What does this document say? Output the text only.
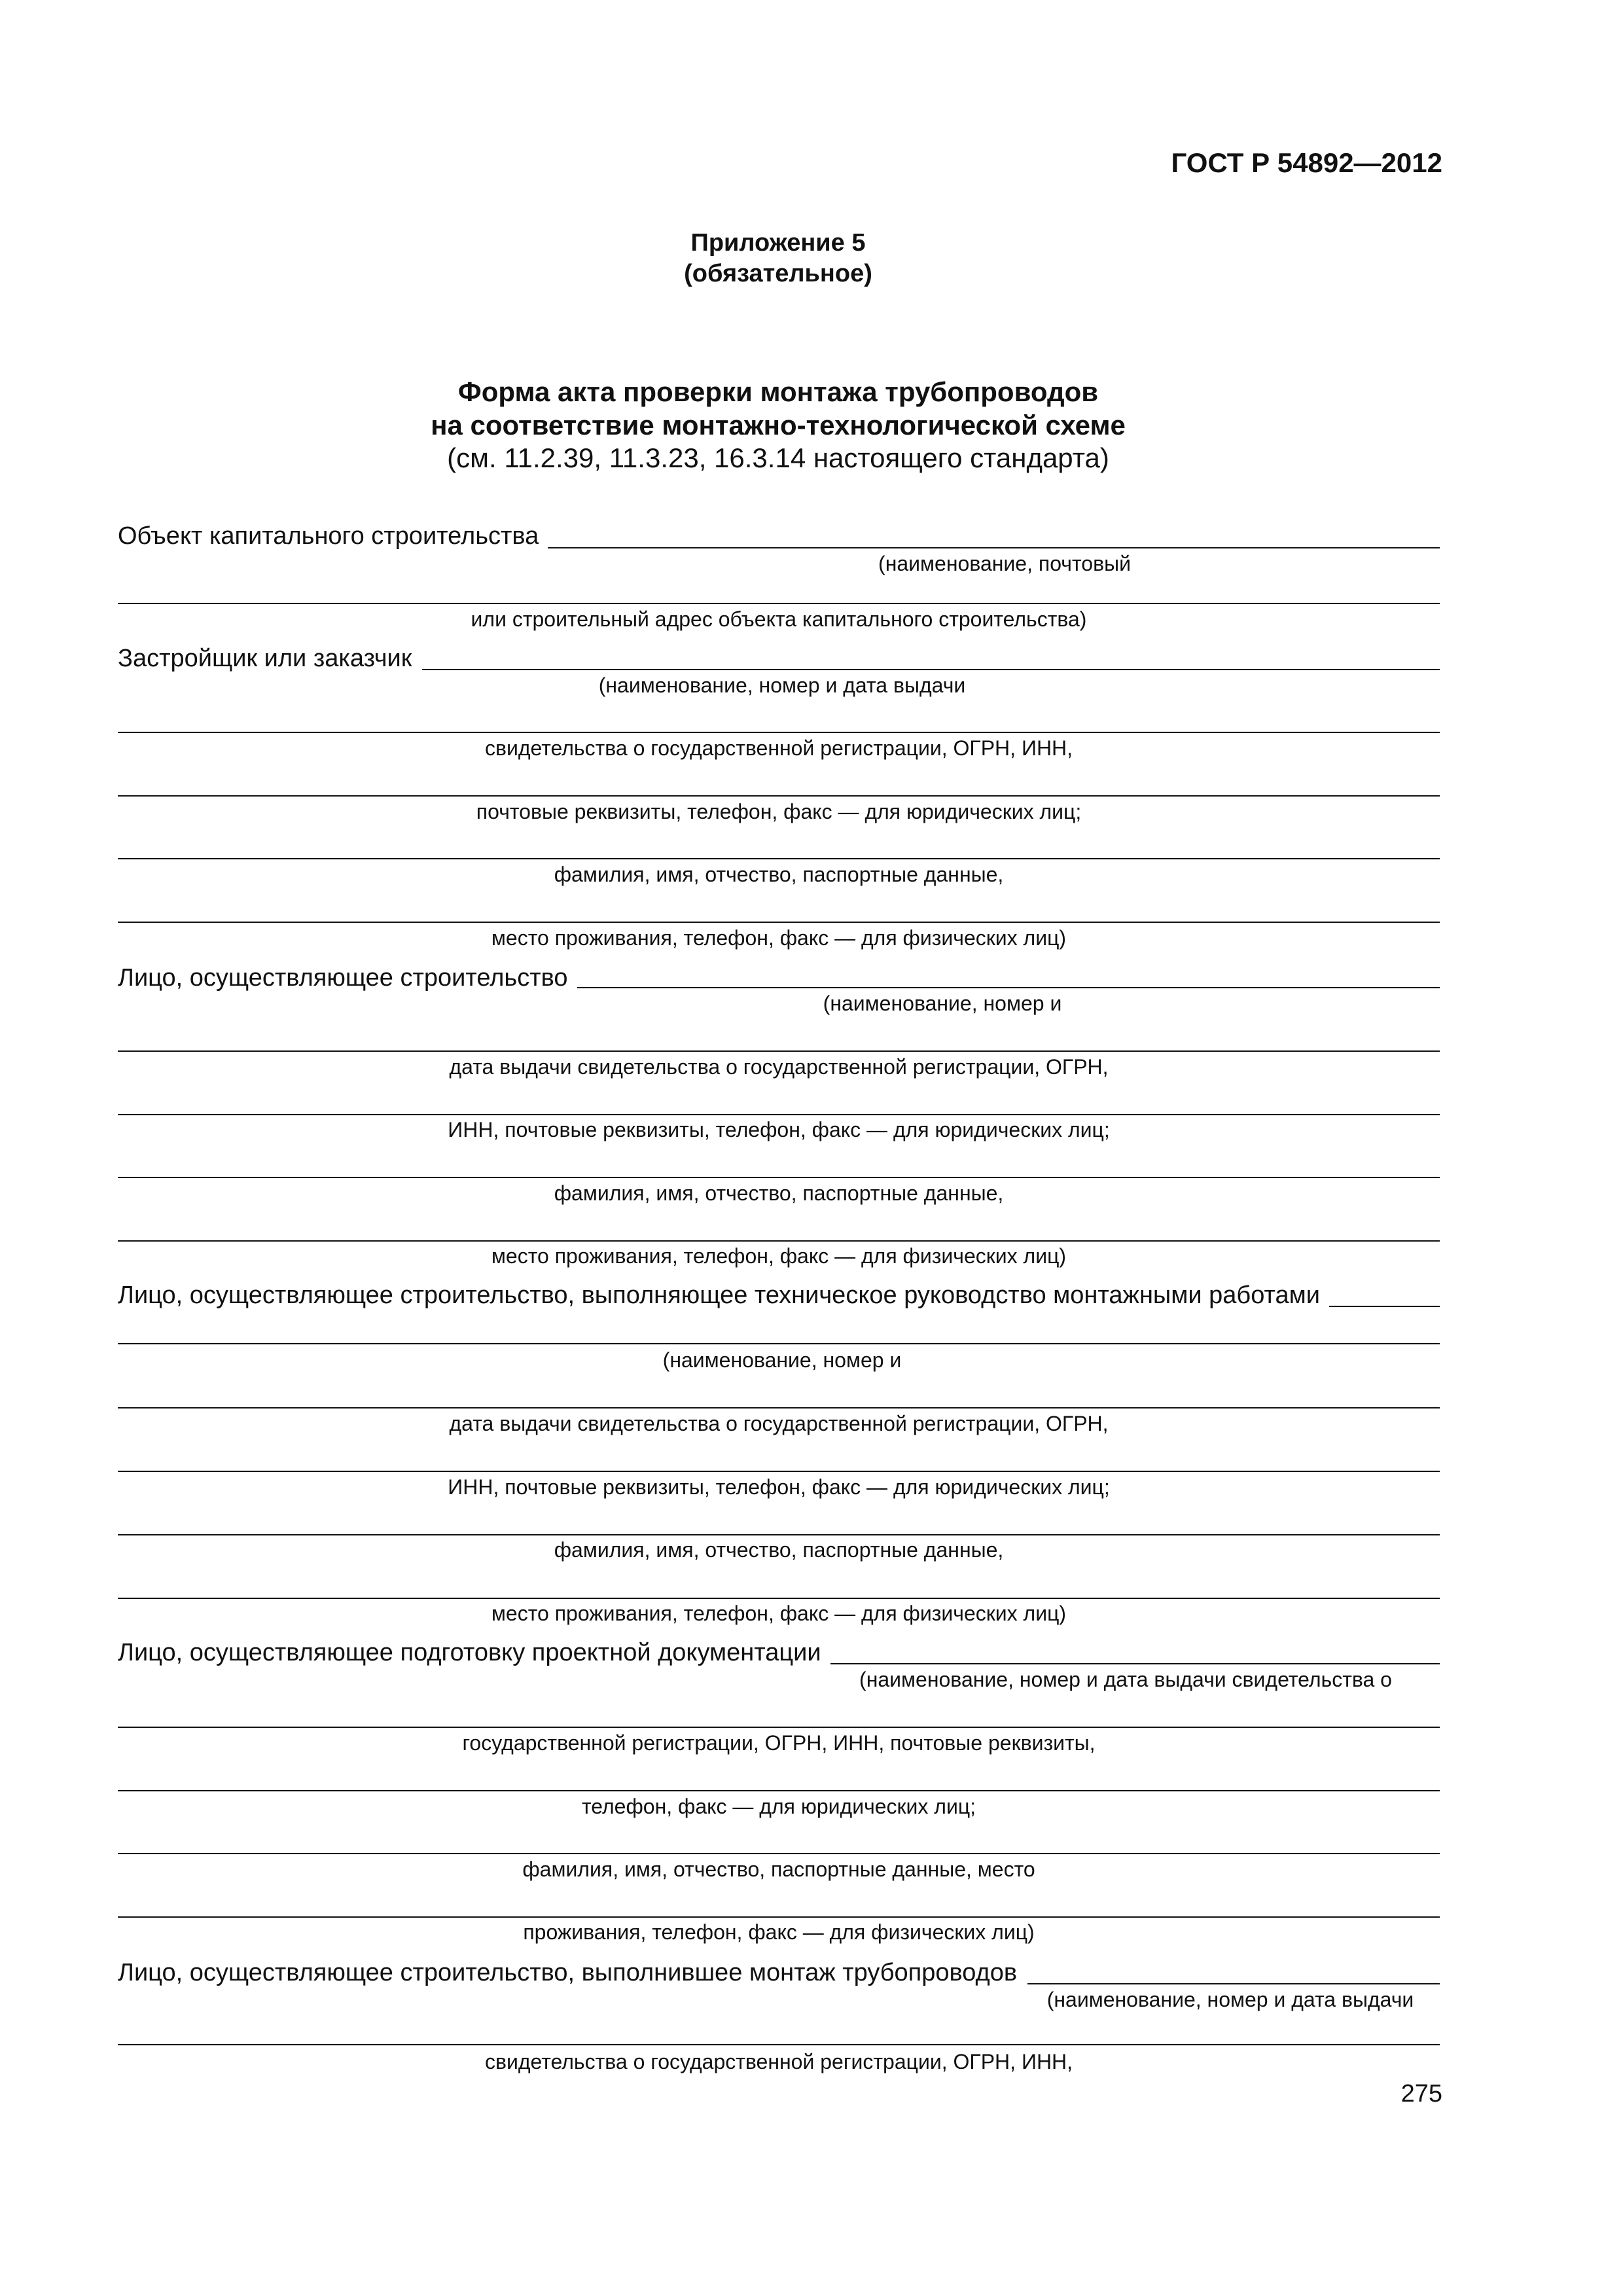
ГОСТ Р 54892—2012
Приложение 5
(обязательное)
Форма акта проверки монтажа трубопроводов
на соответствие монтажно-технологической схеме
(см. 11.2.39, 11.3.23, 16.3.14 настоящего стандарта)
Объект капитального строительства
(наименование, почтовый
или строительный адрес объекта капитального строительства)
Застройщик или заказчик
(наименование, номер и дата выдачи
свидетельства о государственной регистрации, ОГРН, ИНН,
почтовые реквизиты, телефон, факс — для юридических лиц;
фамилия, имя, отчество, паспортные данные,
место проживания, телефон, факс — для физических лиц)
Лицо, осуществляющее строительство
(наименование, номер и
дата выдачи свидетельства о государственной регистрации, ОГРН,
ИНН, почтовые реквизиты, телефон, факс — для юридических лиц;
фамилия, имя, отчество, паспортные данные,
место проживания, телефон, факс — для физических лиц)
Лицо, осуществляющее строительство, выполняющее техническое руководство монтажными работами
(наименование, номер и
дата выдачи свидетельства о государственной регистрации, ОГРН,
ИНН, почтовые реквизиты, телефон, факс — для юридических лиц;
фамилия, имя, отчество, паспортные данные,
место проживания, телефон, факс — для физических лиц)
Лицо, осуществляющее подготовку проектной документации
(наименование, номер и дата выдачи свидетельства о
государственной регистрации, ОГРН, ИНН, почтовые реквизиты,
телефон, факс — для юридических лиц;
фамилия, имя, отчество, паспортные данные, место
проживания, телефон, факс — для физических лиц)
Лицо, осуществляющее строительство, выполнившее монтаж трубопроводов
(наименование, номер и дата выдачи
свидетельства о государственной регистрации, ОГРН, ИНН,
275
